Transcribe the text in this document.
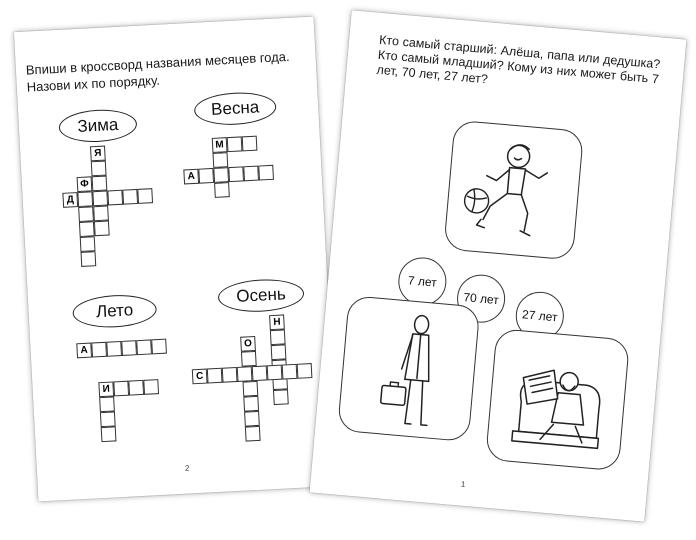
Впиши в кроссворд названия месяцев года.
Назови их по порядку.
Зима
Я
Ф
Д
Весна
М
А
Лето
А
И
Осень
Н
О
С
2
Кто самый старший: Алёша, папа или дедушка? Кто самый младший? Кому из них может быть 7 лет, 70 лет, 27 лет?
7 лет
70 лет
27 лет
1
